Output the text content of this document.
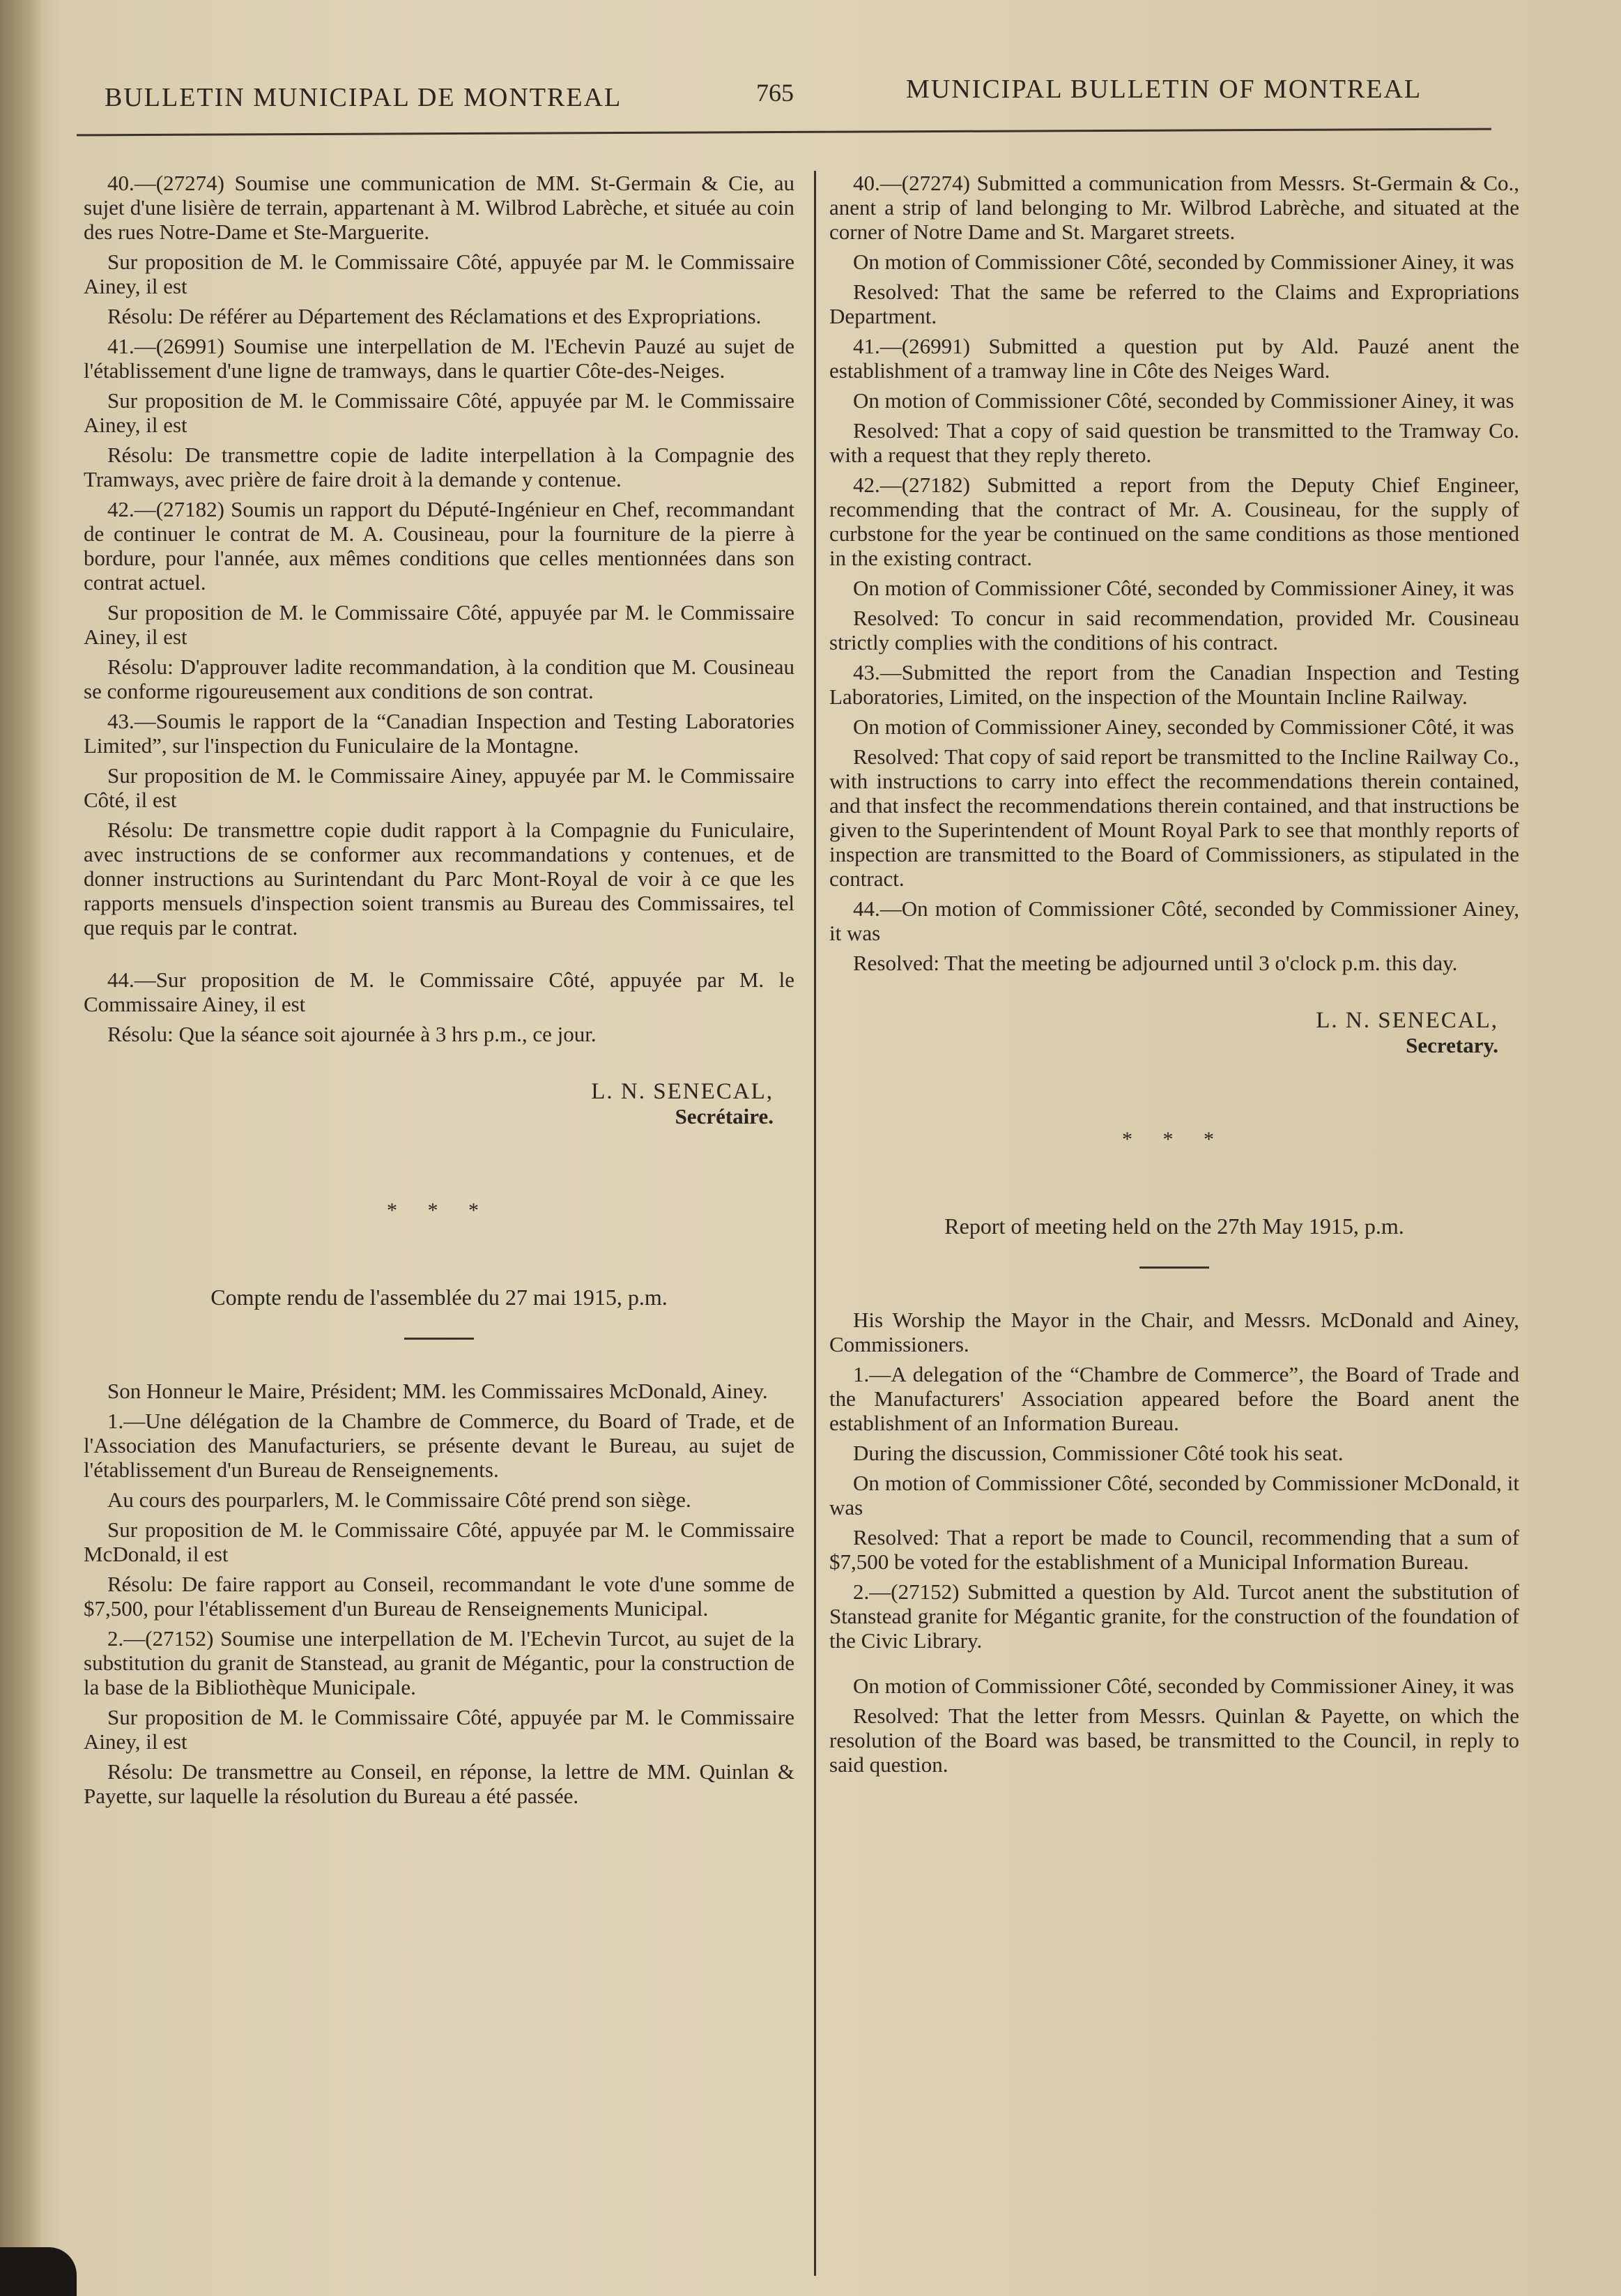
BULLETIN MUNICIPAL DE MONTREAL	765	MUNICIPAL BULLETIN OF MONTREAL

40.—(27274) Soumise une communication de MM. St-Germain & Cie, au sujet d'une lisière de terrain, appartenant à M. Wilbrod Labrèche, et située au coin des rues Notre-Dame et Ste-Marguerite.

Sur proposition de M. le Commissaire Côté, appuyée par M. le Commissaire Ainey, il est

Résolu: De référer au Département des Réclamations et des Expropriations.

41.—(26991) Soumise une interpellation de M. l'Echevin Pauzé au sujet de l'établissement d'une ligne de tramways, dans le quartier Côte-des-Neiges.

Sur proposition de M. le Commissaire Côté, appuyée par M. le Commissaire Ainey, il est

Résolu: De transmettre copie de ladite interpellation à la Compagnie des Tramways, avec prière de faire droit à la demande y contenue.

42.—(27182) Soumis un rapport du Député-Ingénieur en Chef, recommandant de continuer le contrat de M. A. Cousineau, pour la fourniture de la pierre à bordure, pour l'année, aux mêmes conditions que celles mentionnées dans son contrat actuel.

Sur proposition de M. le Commissaire Côté, appuyée par M. le Commissaire Ainey, il est

Résolu: D'approuver ladite recommandation, à la condition que M. Cousineau se conforme rigoureusement aux conditions de son contrat.

43.—Soumis le rapport de la “Canadian Inspection and Testing Laboratories Limited”, sur l'inspection du Funiculaire de la Montagne.

Sur proposition de M. le Commissaire Ainey, appuyée par M. le Commissaire Côté, il est

Résolu: De transmettre copie dudit rapport à la Compagnie du Funiculaire, avec instructions de se conformer aux recommandations y contenues, et de donner instructions au Surintendant du Parc Mont-Royal de voir à ce que les rapports mensuels d'inspection soient transmis au Bureau des Commissaires, tel que requis par le contrat.

44.—Sur proposition de M. le Commissaire Côté, appuyée par M. le Commissaire Ainey, il est

Résolu: Que la séance soit ajournée à 3 hrs p.m., ce jour.

L. N. SENECAL,
Secrétaire.
* * *
Compte rendu de l'assemblée du 27 mai 1915, p.m.

Son Honneur le Maire, Président; MM. les Commissaires McDonald, Ainey.

1.—Une délégation de la Chambre de Commerce, du Board of Trade, et de l'Association des Manufacturiers, se présente devant le Bureau, au sujet de l'établissement d'un Bureau de Renseignements.

Au cours des pourparlers, M. le Commissaire Côté prend son siège.

Sur proposition de M. le Commissaire Côté, appuyée par M. le Commissaire McDonald, il est

Résolu: De faire rapport au Conseil, recommandant le vote d'une somme de $7,500, pour l'établissement d'un Bureau de Renseignements Municipal.

2.—(27152) Soumise une interpellation de M. l'Echevin Turcot, au sujet de la substitution du granit de Stanstead, au granit de Mégantic, pour la construction de la base de la Bibliothèque Municipale.

Sur proposition de M. le Commissaire Côté, appuyée par M. le Commissaire Ainey, il est

Résolu: De transmettre au Conseil, en réponse, la lettre de MM. Quinlan & Payette, sur laquelle la résolution du Bureau a été passée.

40.—(27274) Submitted a communication from Messrs. St-Germain & Co., anent a strip of land belonging to Mr. Wilbrod Labrèche, and situated at the corner of Notre Dame and St. Margaret streets.

On motion of Commissioner Côté, seconded by Commissioner Ainey, it was

Resolved: That the same be referred to the Claims and Expropriations Department.

41.—(26991) Submitted a question put by Ald. Pauzé anent the establishment of a tramway line in Côte des Neiges Ward.

On motion of Commissioner Côté, seconded by Commissioner Ainey, it was

Resolved: That a copy of said question be transmitted to the Tramway Co. with a request that they reply thereto.

42.—(27182) Submitted a report from the Deputy Chief Engineer, recommending that the contract of Mr. A. Cousineau, for the supply of curbstone for the year be continued on the same conditions as those mentioned in the existing contract.

On motion of Commissioner Côté, seconded by Commissioner Ainey, it was

Resolved: To concur in said recommendation, provided Mr. Cousineau strictly complies with the conditions of his contract.

43.—Submitted the report from the Canadian Inspection and Testing Laboratories, Limited, on the inspection of the Mountain Incline Railway.

On motion of Commissioner Ainey, seconded by Commissioner Côté, it was

Resolved: That copy of said report be transmitted to the Incline Railway Co., with instructions to carry into effect the recommendations therein contained, and that insfect the recommendations therein contained, and that instructions be given to the Superintendent of Mount Royal Park to see that monthly reports of inspection are transmitted to the Board of Commissioners, as stipulated in the contract.

44.—On motion of Commissioner Côté, seconded by Commissioner Ainey, it was

Resolved: That the meeting be adjourned until 3 o'clock p.m. this day.

L. N. SENECAL,
Secretary.
* * *
Report of meeting held on the 27th May 1915, p.m.

His Worship the Mayor in the Chair, and Messrs. McDonald and Ainey, Commissioners.

1.—A delegation of the “Chambre de Commerce”, the Board of Trade and the Manufacturers' Association appeared before the Board anent the establishment of an Information Bureau.

During the discussion, Commissioner Côté took his seat.

On motion of Commissioner Côté, seconded by Commissioner McDonald, it was

Resolved: That a report be made to Council, recommending that a sum of $7,500 be voted for the establishment of a Municipal Information Bureau.

2.—(27152) Submitted a question by Ald. Turcot anent the substitution of Stanstead granite for Mégantic granite, for the construction of the foundation of the Civic Library.

On motion of Commissioner Côté, seconded by Commissioner Ainey, it was

Resolved: That the letter from Messrs. Quinlan & Payette, on which the resolution of the Board was based, be transmitted to the Council, in reply to said question.
